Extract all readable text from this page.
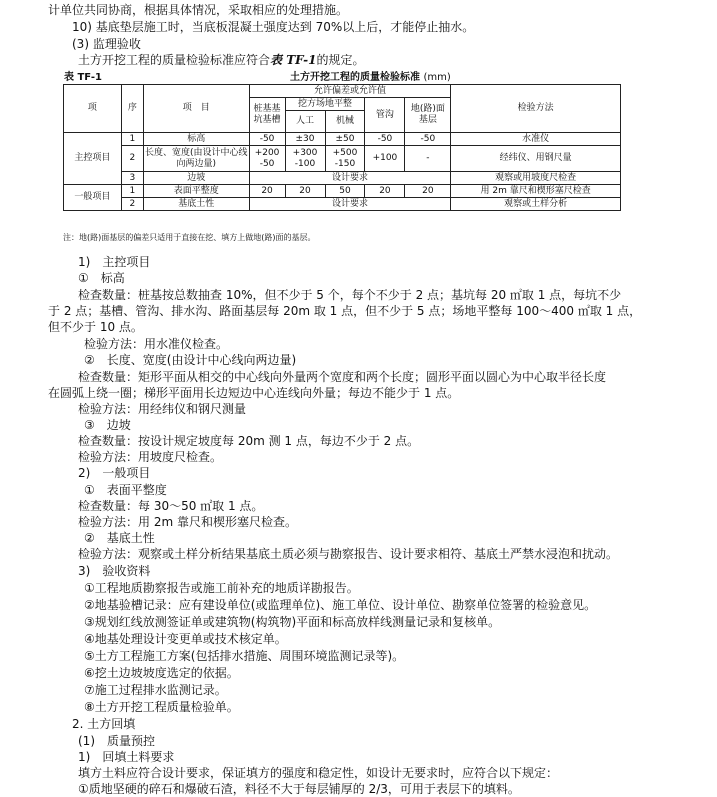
计单位共同协商，根据具体情况，采取相应的处理措施。
10) 基底垫层施工时，当底板混凝土强度达到 70%以上后，才能停止抽水。
(3) 监理验收
土方开挖工程的质量检验标准应符合表 TF-1的规定。
表 TF-1	土方开挖工程的质量检验标准 (mm)
项	序	项　目	允许偏差或允许值					检验方法
			桩基基坑基槽	挖方场地平整		管沟	地(路)面基层	
				人工	机械			
主控项目	1	标高	-50	±30	±50	-50	-50	水准仪
	2	长度、宽度(由设计中心线向两边量)	+200 -50	+300 -100	+500 -150	+100	-	经纬仪、用钢尺量
	3	边坡	设计要求					观察或用坡度尺检查
一般项目	1	表面平整度	20	20	50	20	20	用 2m 靠尺和楔形塞尺检查
	2	基底土性	设计要求					观察或土样分析
注：地(路)面基层的偏差只适用于直接在挖、填方上做地(路)面的基层。
1)　主控项目
①　标高
检查数量：桩基按总数抽查 10%，但不少于 5 个，每个不少于 2 点；基坑每 20 ㎡取 1 点，每坑不少
于 2 点；基槽、管沟、排水沟、路面基层每 20m 取 1 点，但不少于 5 点；场地平整每 100～400 ㎡取 1 点，
但不少于 10 点。
检验方法：用水准仪检查。
②　长度、宽度(由设计中心线向两边量)
检查数量：矩形平面从相交的中心线向外量两个宽度和两个长度；圆形平面以圆心为中心取半径长度
在圆弧上绕一圈；梯形平面用长边短边中心连线向外量；每边不能少于 1 点。
检验方法：用经纬仪和钢尺测量
③　边坡
检查数量：按设计规定坡度每 20m 测 1 点，每边不少于 2 点。
检验方法：用坡度尺检查。
2)　一般项目
①　表面平整度
检查数量：每 30～50 ㎡取 1 点。
检验方法：用 2m 靠尺和楔形塞尺检查。
②　基底土性
检验方法：观察或土样分析结果基底土质必须与勘察报告、设计要求相符、基底土严禁水浸泡和扰动。
3)　验收资料
①工程地质勘察报告或施工前补充的地质详勘报告。
②地基验槽记录：应有建设单位(或监理单位)、施工单位、设计单位、勘察单位签署的检验意见。
③规划红线放测签证单或建筑物(构筑物)平面和标高放样线测量记录和复核单。
④地基处理设计变更单或技术核定单。
⑤土方工程施工方案(包括排水措施、周围环境监测记录等)。
⑥挖土边坡坡度选定的依据。
⑦施工过程排水监测记录。
⑧土方开挖工程质量检验单。
2. 土方回填
(1)　质量预控
1)　回填土料要求
填方土料应符合设计要求，保证填方的强度和稳定性，如设计无要求时，应符合以下规定：
①质地坚硬的碎石和爆破石渣，料径不大于每层铺厚的 2/3，可用于表层下的填料。
